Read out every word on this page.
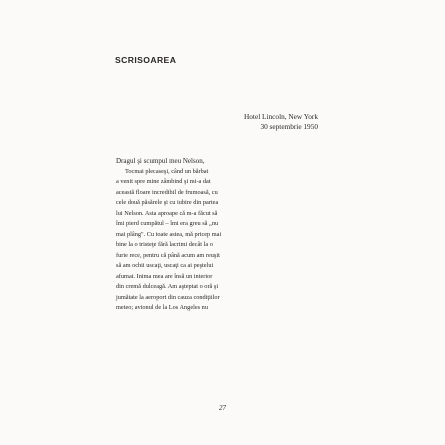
SCRISOAREA
Hotel Lincoln, New York
30 septembrie 1950
Dragul şi scumpul meu Nelson,
Tocmai plecaseşi, când un bărbat
a venit spre mine zâmbind şi mi-a dat
această floare incredibil de frumoasă, cu
cele două păsărele şi cu iubire din partea
lui Nelson. Asta aproape că m-a făcut să
îmi pierd cumpătul – îmi era greu să „nu
mai plâng". Cu toate astea, mă pricep mai
bine la o tristeţe fără lacrimi decât la o
furie rece, pentru că până acum am reuşit
să am ochii uscaţi, uscaţi ca ai peştelui
afumat. Inima mea are însă un interior
din cremă dulceagă. Am aşteptat o oră şi
jumătate la aeroport din cauza condiţiilor
meteo; avionul de la Los Angeles nu
27
